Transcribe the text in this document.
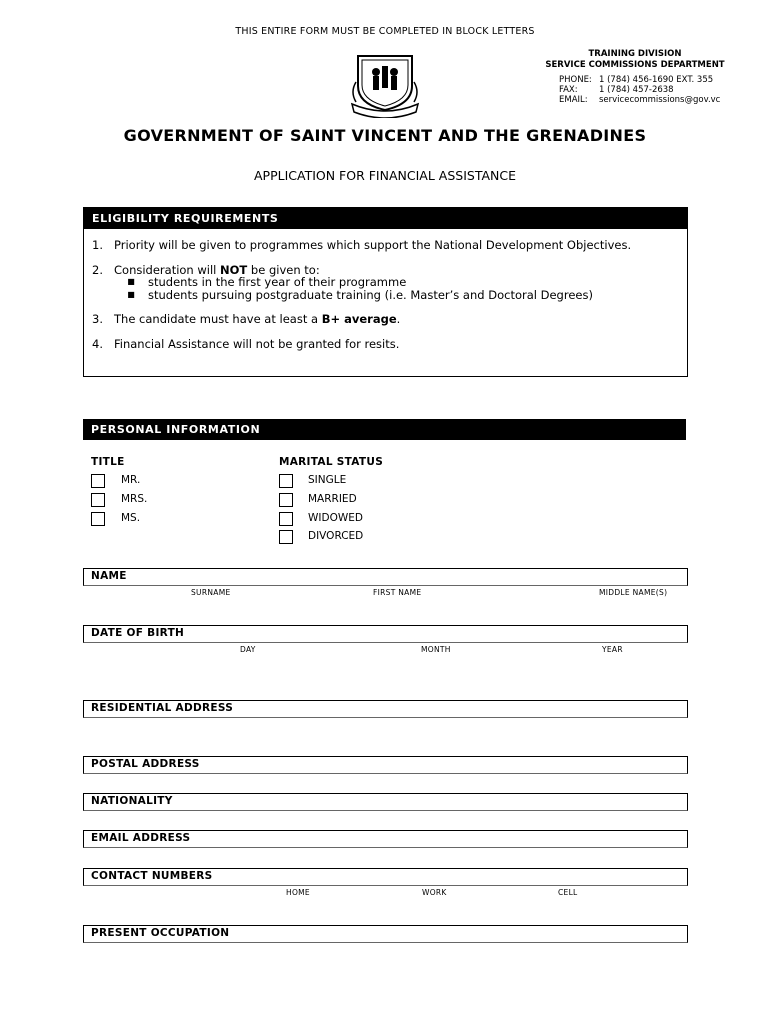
THIS ENTIRE FORM MUST BE COMPLETED IN BLOCK LETTERS
TRAINING DIVISION
SERVICE COMMISSIONS DEPARTMENT
PHONE: 1 (784) 456-1690 EXT. 355
FAX:	1 (784) 457-2638
EMAIL:	servicecommissions@gov.vc
GOVERNMENT OF SAINT VINCENT AND THE GRENADINES
APPLICATION FOR FINANCIAL ASSISTANCE
ELIGIBILITY REQUIREMENTS
1. Priority will be given to programmes which support the National Development Objectives.
2. Consideration will NOT be given to:
■	students in the first year of their programme
■	students pursuing postgraduate training (i.e. Master’s and Doctoral Degrees)
3. The candidate must have at least a B+ average.
4. Financial Assistance will not be granted for resits.
PERSONAL INFORMATION
TITLE	MARITAL STATUS
MR.
MRS.
MS.
SINGLE
MARRIED
WIDOWED
DIVORCED
NAME
SURNAME	FIRST NAME	MIDDLE NAME(S)
DATE OF BIRTH
DAY	MONTH	YEAR
RESIDENTIAL ADDRESS
POSTAL ADDRESS
NATIONALITY
EMAIL ADDRESS
CONTACT NUMBERS
HOME	WORK	CELL
PRESENT OCCUPATION
